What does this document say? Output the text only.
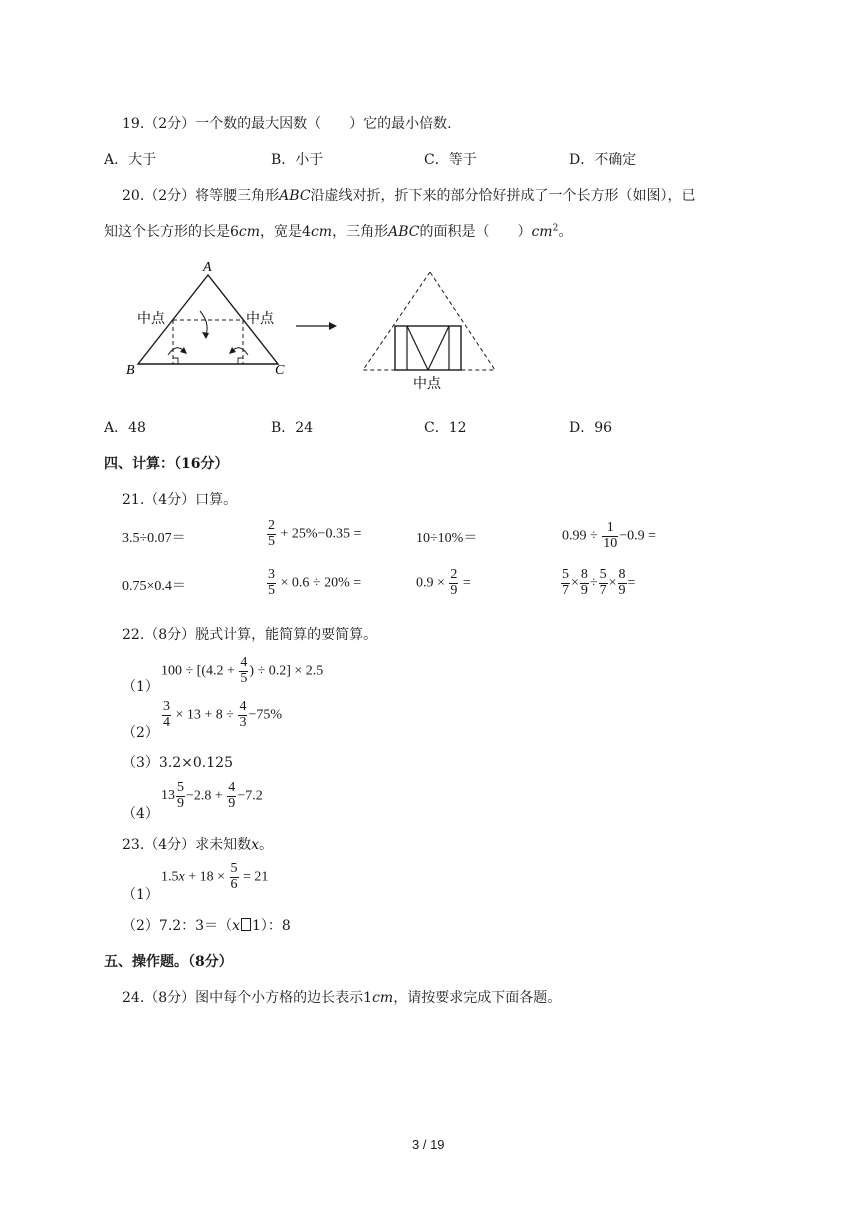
19.（2分）一个数的最大因数（　　）它的最小倍数.
A．大于	B．小于	C．等于	D．不确定
20.（2分）将等腰三角形ABC沿虚线对折，折下来的部分恰好拼成了一个长方形（如图），已
知这个长方形的长是6cm，宽是4cm，三角形ABC的面积是（　　）$cm^2$。
A
B	C
中点	中点
中点
A．48	B．24	C．12	D．96
四、计算：（16分）
21.（4分）口算。
3.5÷0.07＝	$\frac{2}{5} + 25\%-0.35$ =	10÷10%＝	$0.99 \div \frac{1}{10} -0.9$ =
0.75×0.4＝	$\frac{3}{5} \times 0.6 \div 20\%$ =	$0.9 \times \frac{2}{9}$ =	$\frac{5}{7} \times \frac{8}{9} \div \frac{5}{7} \times \frac{8}{9}$ =
22.（8分）脱式计算，能简算的要简算。
（1）
$100 \div [(4.2 + \frac{4}{5}$ ) ÷ 0.2] × 2.5
（2）
$\frac{3}{4} \times 13 + 8 \div \frac{4}{3} -75\%$
（3）3.2×0.125
（4）
$13 \frac{5}{9} -2.8 + \frac{4}{9} -7.2$
23.（4分）求未知数x。
（1）
$1.5x + 18 \times \frac{5}{6} = 21$
（2）7.2：3＝（x 1）：8
五、操作题。（8分）
24.（8分）图中每个小方格的边长表示1cm，请按要求完成下面各题。
3 / 19
